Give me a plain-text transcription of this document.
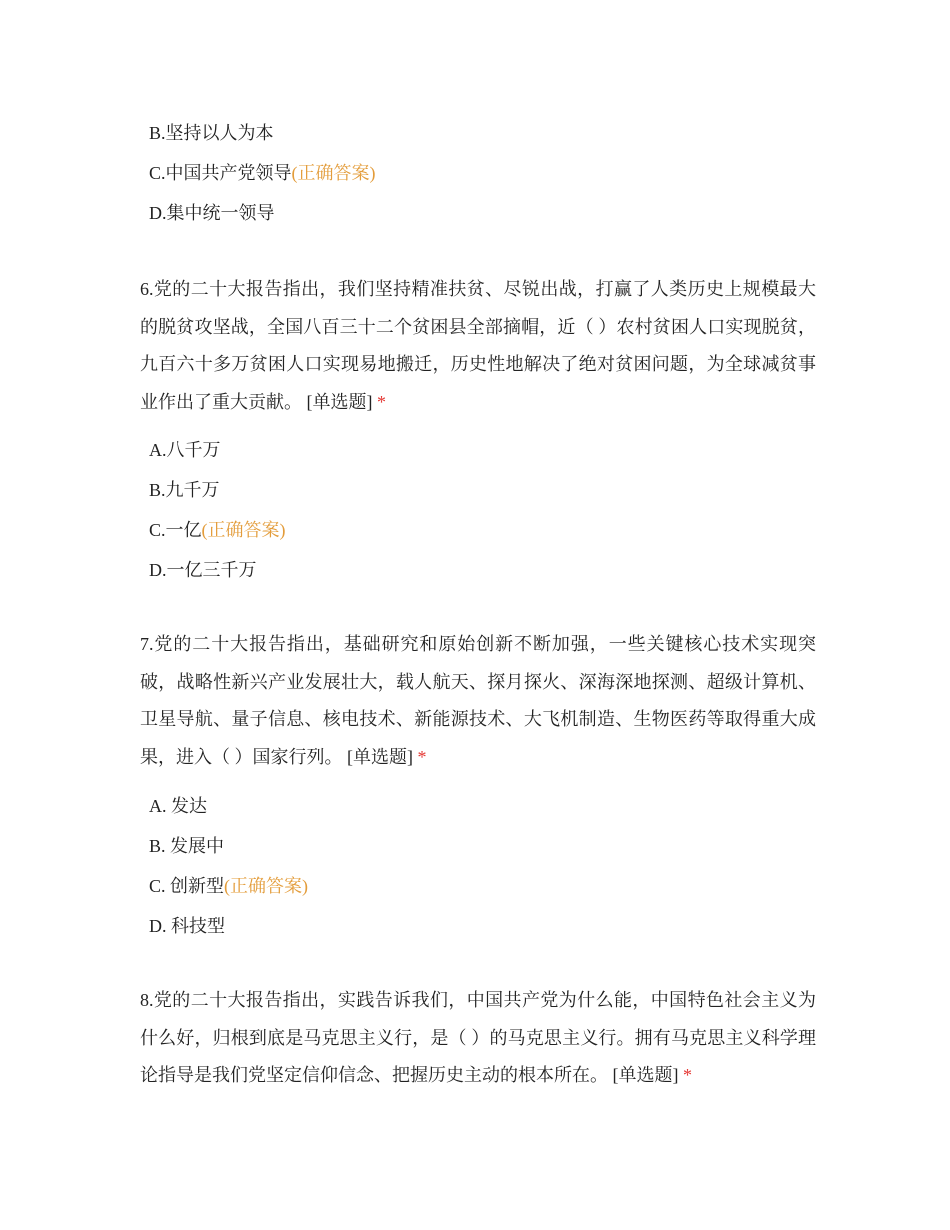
B.坚持以人为本
C.中国共产党领导(正确答案)
D.集中统一领导
6.党的二十大报告指出，我们坚持精准扶贫、尽锐出战，打赢了人类历史上规模最大的脱贫攻坚战，全国八百三十二个贫困县全部摘帽，近（ ）农村贫困人口实现脱贫，九百六十多万贫困人口实现易地搬迁，历史性地解决了绝对贫困问题，为全球减贫事业作出了重大贡献。 [单选题] *
A.八千万
B.九千万
C.一亿(正确答案)
D.一亿三千万
7.党的二十大报告指出，基础研究和原始创新不断加强，一些关键核心技术实现突破，战略性新兴产业发展壮大，载人航天、探月探火、深海深地探测、超级计算机、卫星导航、量子信息、核电技术、新能源技术、大飞机制造、生物医药等取得重大成果，进入（ ）国家行列。 [单选题] *
A. 发达
B. 发展中
C. 创新型(正确答案)
D. 科技型
8.党的二十大报告指出，实践告诉我们，中国共产党为什么能，中国特色社会主义为什么好，归根到底是马克思主义行，是（ ）的马克思主义行。拥有马克思主义科学理论指导是我们党坚定信仰信念、把握历史主动的根本所在。 [单选题] *
